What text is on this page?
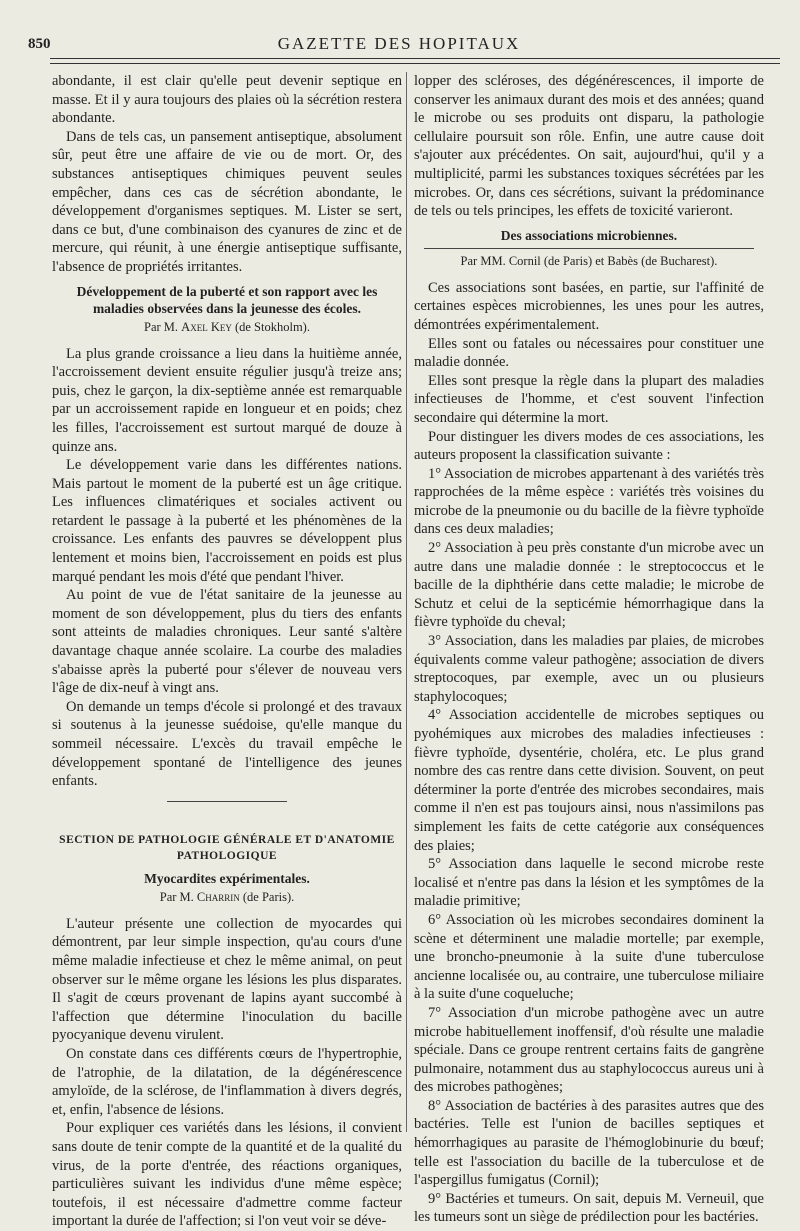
850	GAZETTE DES HOPITAUX

abondante, il est clair qu'elle peut devenir septique en masse. Et il y aura toujours des plaies où la sécrétion restera abondante.

Dans de tels cas, un pansement antiseptique, absolument sûr, peut être une affaire de vie ou de mort. Or, des substances antiseptiques chimiques peuvent seules empêcher, dans ces cas de sécrétion abondante, le développement d'organismes septiques. M. Lister se sert, dans ce but, d'une combinaison des cyanures de zinc et de mercure, qui réunit, à une énergie antiseptique suffisante, l'absence de propriétés irritantes.

Développement de la puberté et son rapport avec les maladies observées dans la jeunesse des écoles.
Par M. Axel Key (de Stokholm).

La plus grande croissance a lieu dans la huitième année, l'accroissement devient ensuite régulier jusqu'à treize ans; puis, chez le garçon, la dix-septième année est remarquable par un accroissement rapide en longueur et en poids; chez les filles, l'accroissement est surtout marqué de douze à quinze ans.

Le développement varie dans les différentes nations. Mais partout le moment de la puberté est un âge critique. Les influences climatériques et sociales activent ou retardent le passage à la puberté et les phénomènes de la croissance. Les enfants des pauvres se développent plus lentement et moins bien, l'accroissement en poids est plus marqué pendant les mois d'été que pendant l'hiver.

Au point de vue de l'état sanitaire de la jeunesse au moment de son développement, plus du tiers des enfants sont atteints de maladies chroniques. Leur santé s'altère davantage chaque année scolaire. La courbe des maladies s'abaisse après la puberté pour s'élever de nouveau vers l'âge de dix-neuf à vingt ans.

On demande un temps d'école si prolongé et des travaux si soutenus à la jeunesse suédoise, qu'elle manque du sommeil nécessaire. L'excès du travail empêche le développement spontané de l'intelligence des jeunes enfants.

SECTION DE PATHOLOGIE GÉNÉRALE ET D'ANATOMIE PATHOLOGIQUE
Myocardites expérimentales.
Par M. Charrin (de Paris).

L'auteur présente une collection de myocardes qui démontrent, par leur simple inspection, qu'au cours d'une même maladie infectieuse et chez le même animal, on peut observer sur le même organe les lésions les plus disparates. Il s'agit de cœurs provenant de lapins ayant succombé à l'affection que détermine l'inoculation du bacille pyocyanique devenu virulent.

On constate dans ces différents cœurs de l'hypertrophie, de l'atrophie, de la dilatation, de la dégénérescence amyloïde, de la sclérose, de l'inflammation à divers degrés, et, enfin, l'absence de lésions.

Pour expliquer ces variétés dans les lésions, il convient sans doute de tenir compte de la quantité et de la qualité du virus, de la porte d'entrée, des réactions organiques, particulières suivant les individus d'une même espèce; toutefois, il est nécessaire d'admettre comme facteur important la durée de l'affection; si l'on veut voir se déve-

lopper des scléroses, des dégénérescences, il importe de conserver les animaux durant des mois et des années; quand le microbe ou ses produits ont disparu, la pathologie cellulaire poursuit son rôle. Enfin, une autre cause doit s'ajouter aux précédentes. On sait, aujourd'hui, qu'il y a multiplicité, parmi les substances toxiques sécrétées par les microbes. Or, dans ces sécrétions, suivant la prédominance de tels ou tels principes, les effets de toxicité varieront.

Des associations microbiennes.
Par MM. Cornil (de Paris) et Babès (de Bucharest).

Ces associations sont basées, en partie, sur l'affinité de certaines espèces microbiennes, les unes pour les autres, démontrées expérimentalement.

Elles sont ou fatales ou nécessaires pour constituer une maladie donnée.

Elles sont presque la règle dans la plupart des maladies infectieuses de l'homme, et c'est souvent l'infection secondaire qui détermine la mort.

Pour distinguer les divers modes de ces associations, les auteurs proposent la classification suivante :

1° Association de microbes appartenant à des variétés très rapprochées de la même espèce : variétés très voisines du microbe de la pneumonie ou du bacille de la fièvre typhoïde dans ces deux maladies;

2° Association à peu près constante d'un microbe avec un autre dans une maladie donnée : le streptococcus et le bacille de la diphthérie dans cette maladie; le microbe de Schutz et celui de la septicémie hémorrhagique dans la fièvre typhoïde du cheval;

3° Association, dans les maladies par plaies, de microbes équivalents comme valeur pathogène; association de divers streptocoques, par exemple, avec un ou plusieurs staphylocoques;

4° Association accidentelle de microbes septiques ou pyohémiques aux microbes des maladies infectieuses : fièvre typhoïde, dysentérie, choléra, etc. Le plus grand nombre des cas rentre dans cette division. Souvent, on peut déterminer la porte d'entrée des microbes secondaires, mais comme il n'en est pas toujours ainsi, nous n'assimilons pas simplement les faits de cette catégorie aux conséquences des plaies;

5° Association dans laquelle le second microbe reste localisé et n'entre pas dans la lésion et les symptômes de la maladie primitive;

6° Association où les microbes secondaires dominent la scène et déterminent une maladie mortelle; par exemple, une broncho-pneumonie à la suite d'une tuberculose ancienne localisée ou, au contraire, une tuberculose miliaire à la suite d'une coqueluche;

7° Association d'un microbe pathogène avec un autre microbe habituellement inoffensif, d'où résulte une maladie spéciale. Dans ce groupe rentrent certains faits de gangrène pulmonaire, notamment dus au staphylococcus aureus uni à des microbes pathogènes;

8° Association de bactéries à des parasites autres que des bactéries. Telle est l'union de bacilles septiques et hémorrhagiques au parasite de l'hémoglobinurie du bœuf; telle est l'association du bacille de la tuberculose et de l'aspergillus fumigatus (Cornil);

9° Bactéries et tumeurs. On sait, depuis M. Verneuil, que les tumeurs sont un siège de prédilection pour les bactéries.
